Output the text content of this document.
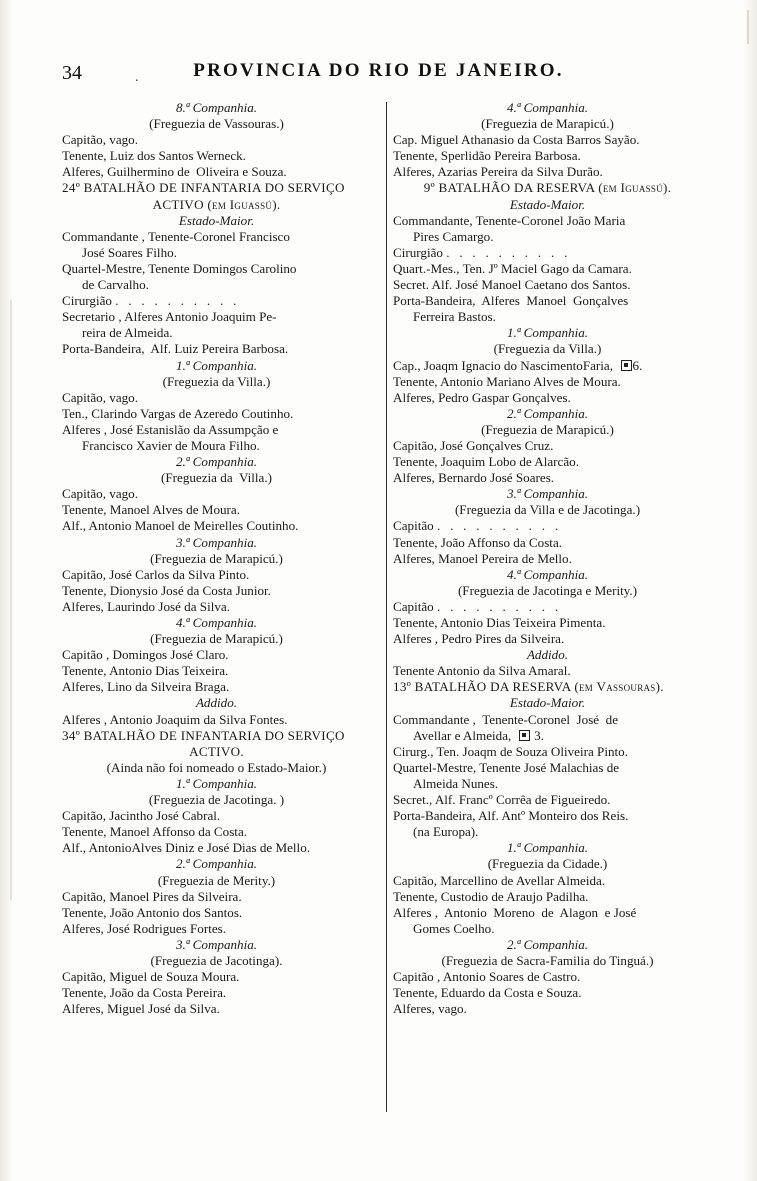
34	.	PROVINCIA DO RIO DE JANEIRO.

8.ª Companhia.

(Freguezia de Vassouras.)

Capitão, vago.

Tenente, Luiz dos Santos Werneck.

Alferes, Guilhermino de  Oliveira e Souza.

24º BATALHÃO DE INFANTARIA DO SERVIÇO

ACTIVO (em Iguassú).

Estado-Maior.

Commandante , Tenente-Coronel Francisco

José Soares Filho.

Quartel-Mestre, Tenente Domingos Carolino

de Carvalho.

Cirurgião .   .   .   .   .   .   .   .   .   .

Secretario , Alferes Antonio Joaquim Pe-

reira de Almeida.

Porta-Bandeira,  Alf. Luiz Pereira Barbosa.

1.ª Companhia.

(Freguezia da Villa.)

Capitão, vago.

Ten., Clarindo Vargas de Azeredo Coutinho.

Alferes , José Estanislão da Assumpção e

Francisco Xavier de Moura Filho.

2.ª Companhia.

(Freguezia da  Villa.)

Capitão, vago.

Tenente, Manoel Alves de Moura.

Alf., Antonio Manoel de Meirelles Coutinho.

3.ª Companhia.

(Freguezia de Marapicú.)

Capitão, José Carlos da Silva Pinto.

Tenente, Dionysio José da Costa Junior.

Alferes, Laurindo José da Silva.

4.ª Companhia.

(Freguezia de Marapicú.)

Capitão , Domingos José Claro.

Tenente, Antonio Dias Teixeira.

Alferes, Lino da Silveira Braga.

Addido.

Alferes , Antonio Joaquim da Silva Fontes.

34º BATALHÃO DE INFANTARIA DO SERVIÇO

ACTIVO.

(Ainda não foi nomeado o Estado-Maior.)

1.ª Companhia.

(Freguezia de Jacotinga. )

Capitão, Jacintho José Cabral.

Tenente, Manoel Affonso da Costa.

Alf., AntonioAlves Diniz e José Dias de Mello.

2.ª Companhia.

(Freguezia de Merity.)

Capitão, Manoel Pires da Silveira.

Tenente, João Antonio dos Santos.

Alferes, José Rodrigues Fortes.

3.ª Companhia.

(Freguezia de Jacotinga).

Capitão, Miguel de Souza Moura.

Tenente, João da Costa Pereira.

Alferes, Miguel José da Silva.

4.ª Companhia.

(Freguezia de Marapicú.)

Cap. Miguel Athanasio da Costa Barros Sayão.

Tenente, Sperlidão Pereira Barbosa.

Alferes, Azarias Pereira da Silva Durão.

9º BATALHÃO DA RESERVA (em Iguassú).

Estado-Maior.

Commandante, Tenente-Coronel João Maria

Pires Camargo.

Cirurgião .   .   .   .   .   .   .   .   .   .

Quart.-Mes., Ten. Jº Maciel Gago da Camara.

Secret. Alf. José Manoel Caetano dos Santos.

Porta-Bandeira,  Alferes  Manoel  Gonçalves

Ferreira Bastos.

1.ª Companhia.

(Freguezia da Villa.)

Cap., Joaqm Ignacio do NascimentoFaria,  6.

Tenente, Antonio Mariano Alves de Moura.

Alferes, Pedro Gaspar Gonçalves.

2.ª Companhia.

(Freguezia de Marapicú.)

Capitão, José Gonçalves Cruz.

Tenente, Joaquim Lobo de Alarcão.

Alferes, Bernardo José Soares.

3.ª Companhia.

(Freguezia da Villa e de Jacotinga.)

Capitão .   .   .   .   .   .   .   .   .   .

Tenente, João Affonso da Costa.

Alferes, Manoel Pereira de Mello.

4.ª Companhia.

(Freguezia de Jacotinga e Merity.)

Capitão .   .   .   .   .   .   .   .   .   .

Tenente, Antonio Dias Teixeira Pimenta.

Alferes , Pedro Pires da Silveira.

Addido.

Tenente Antonio da Silva Amaral.

13º BATALHÃO DA RESERVA (em Vassouras).

Estado-Maior.

Commandante ,  Tenente-Coronel  José  de

Avellar e Almeida,   3.

Cirurg., Ten. Joaqm de Souza Oliveira Pinto.

Quartel-Mestre, Tenente José Malachias de

Almeida Nunes.

Secret., Alf. Francº Corrêa de Figueiredo.

Porta-Bandeira, Alf. Antº Monteiro dos Reis.

(na Europa).

1.ª Companhia.

(Freguezia da Cidade.)

Capitão, Marcellino de Avellar Almeida.

Tenente, Custodio de Araujo Padilha.

Alferes ,  Antonio  Moreno  de  Alagon  e José

Gomes Coelho.

2.ª Companhia.

(Freguezia de Sacra-Familia do Tinguá.)

Capitão , Antonio Soares de Castro.

Tenente, Eduardo da Costa e Souza.

Alferes, vago.
